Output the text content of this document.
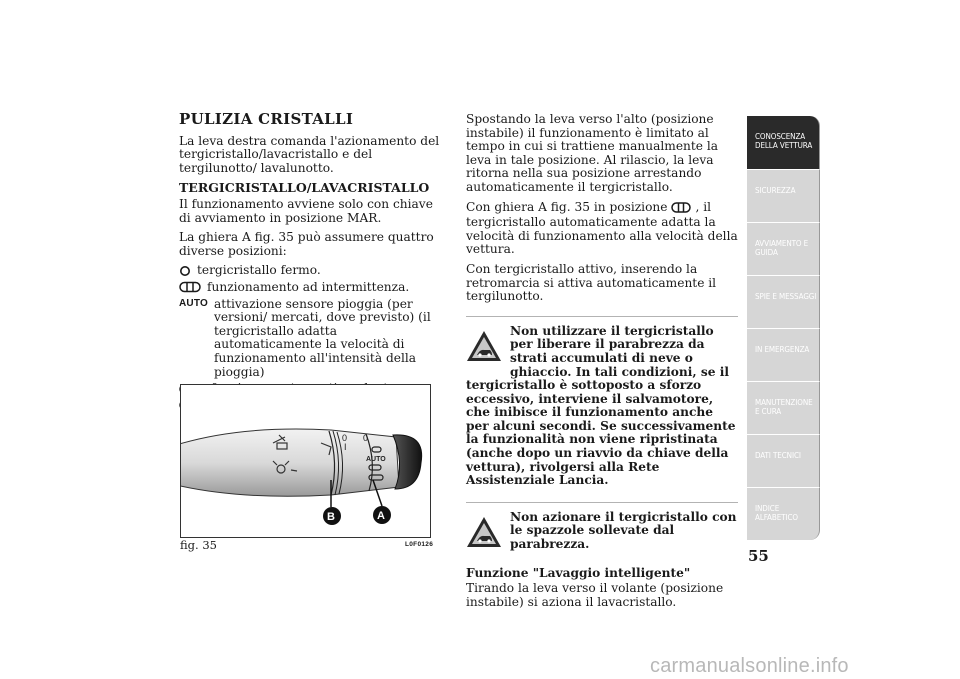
PULIZIA CRISTALLI

La leva destra comanda l'azionamento del tergicristallo/lavacristallo e del tergilunotto/ lavalunotto.

TERGICRISTALLO/LAVACRISTALLO

Il funzionamento avviene solo con chiave di avviamento in posizione MAR.

La ghiera A fig. 35 può assumere quattro diverse posizioni:

tergicristallo fermo.
funzionamento ad intermittenza.
AUTO attivazione sensore pioggia (per versioni/ mercati, dove previsto) (il tergicristallo adatta automaticamente la velocità di funzionamento all'intensità della pioggia)
0
I
0
AUTO
B	A
fig. 35	L0F0126

Spostando la leva verso l'alto (posizione instabile) il funzionamento è limitato al tempo in cui si trattiene manualmente la leva in tale posizione. Al rilascio, la leva ritorna nella sua posizione arrestando automaticamente il tergicristallo.

Con ghiera A fig. 35 in posizione , il tergicristallo automaticamente adatta la velocità di funzionamento alla velocità della vettura.

Con tergicristallo attivo, inserendo la retromarcia si attiva automaticamente il tergilunotto.

Non utilizzare il tergicristallo per liberare il parabrezza da strati accumulati di neve o ghiaccio. In tali condizioni, se il tergicristallo è sottoposto a sforzo eccessivo, interviene il salvamotore, che inibisce il funzionamento anche per alcuni secondi. Se successivamente la funzionalità non viene ripristinata (anche dopo un riavvio da chiave della vettura), rivolgersi alla Rete Assistenziale Lancia.
Non azionare il tergicristallo con le spazzole sollevate dal parabrezza.

Funzione "Lavaggio intelligente"

Tirando la leva verso il volante (posizione instabile) si aziona il lavacristallo.

CONOSCENZA DELLA VETTURA
SICUREZZA
AVVIAMENTO E GUIDA
SPIE E MESSAGGI
IN EMERGENZA
MANUTENZIONE E CURA
DATI TECNICI
INDICE ALFABETICO
55
carmanualsonline.info
